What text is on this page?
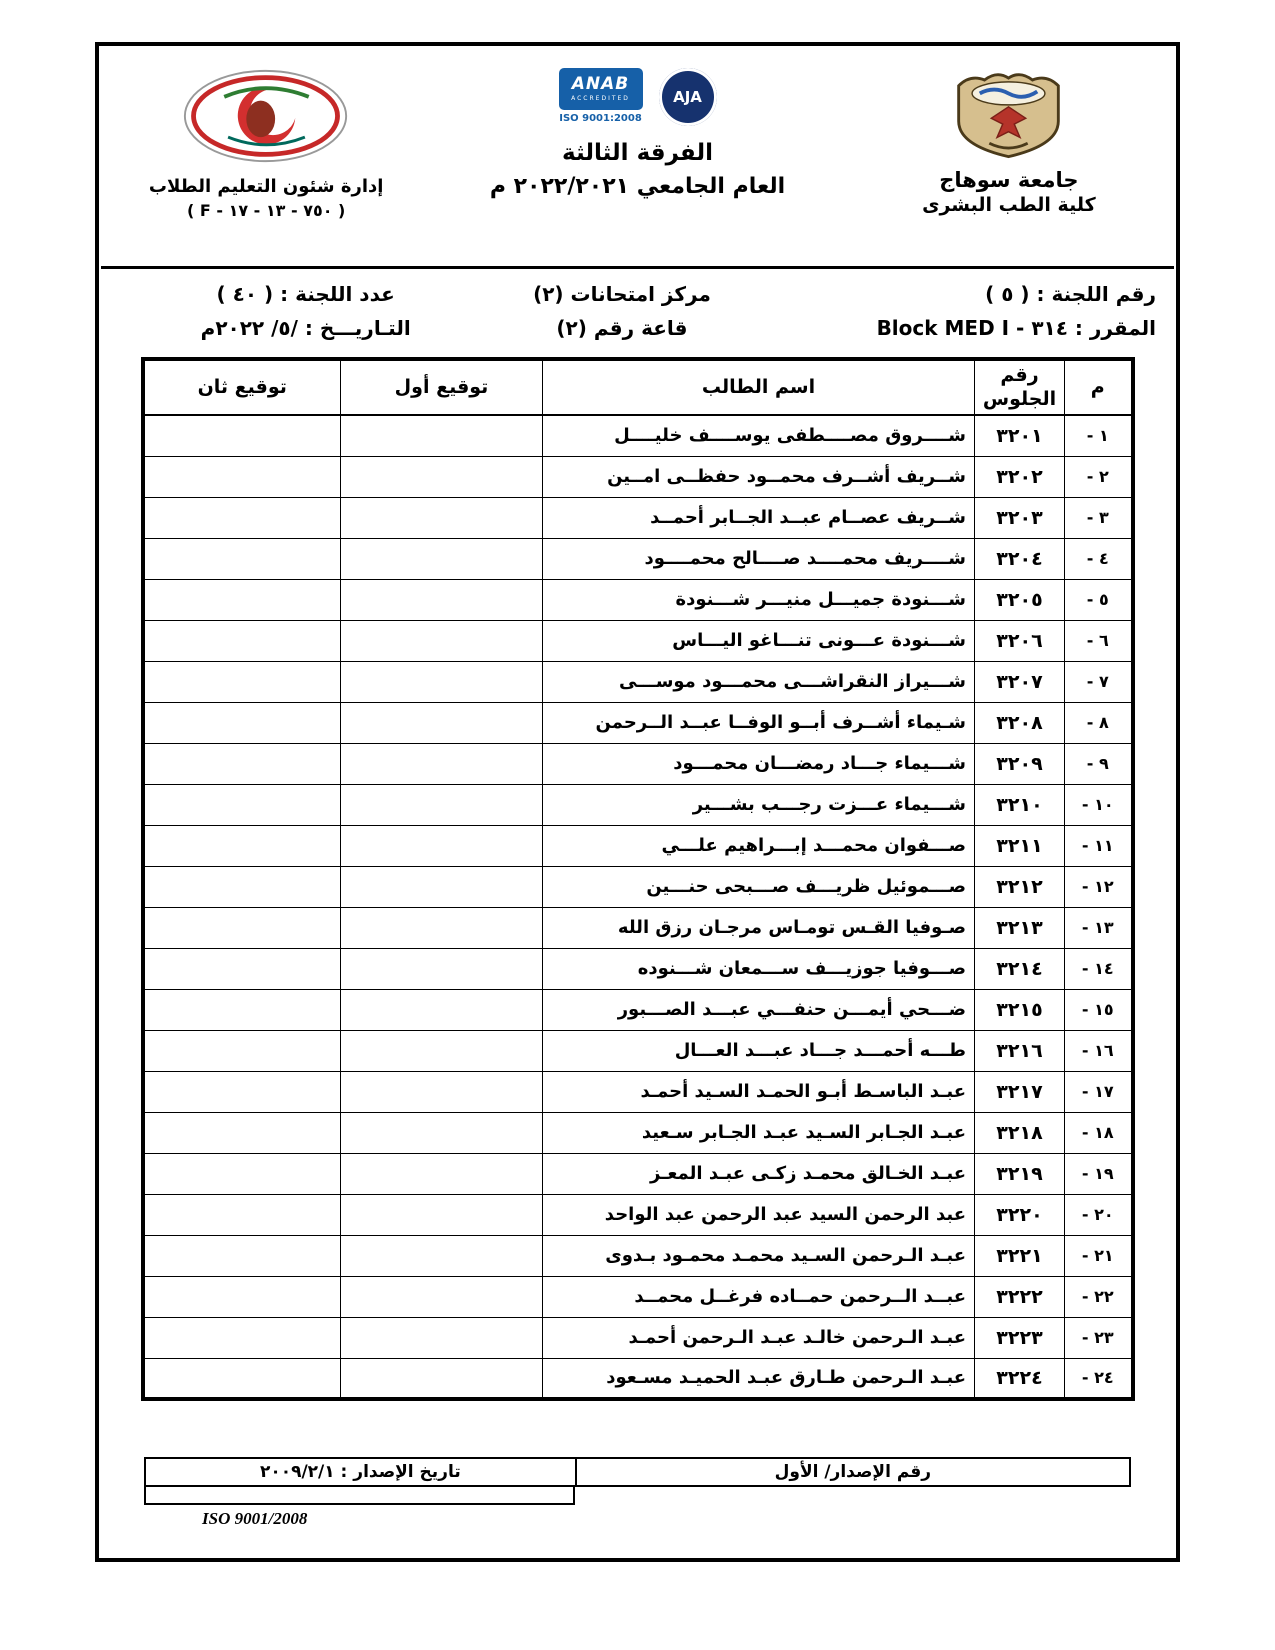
جامعة سوهاج
كلية الطب البشرى
ANAB
ACCREDITED
ISO 9001:2008
AJA
الفرقة الثالثة
العام الجامعي ٢٠٢٢/٢٠٢١ م
إدارة شئون التعليم الطلاب
( F - ٧٥٠ - ١٣ - ١٧ )
رقم اللجنة : ( ٥ )
مركز امتحانات (٢)
عدد اللجنة : ( ٤٠ )
المقرر : ٣١٤ - Block MED I
قاعة رقم (٢)
التـاريـــخ : /٥/ ٢٠٢٢م
م	رقم الجلوس	اسم الطالب	توقيع أول	توقيع ثان
١ -	٣٢٠١	شــــروق مصــــطفى يوســــف خليــــل		
٢ -	٣٢٠٢	شــريف أشــرف محمــود حفظــى امــين		
٣ -	٣٢٠٣	شــريف عصــام عبــد الجــابر أحمــد		
٤ -	٣٢٠٤	شــــريف محمــــد صــــالح محمــــود		
٥ -	٣٢٠٥	شـــنودة جميـــل منيـــر شـــنودة		
٦ -	٣٢٠٦	شـــنودة عـــونى تنـــاغو اليـــاس		
٧ -	٣٢٠٧	شـــيراز النقراشـــى محمـــود موســـى		
٨ -	٣٢٠٨	شـيماء أشــرف أبــو الوفــا عبــد الــرحمن		
٩ -	٣٢٠٩	شـــيماء جـــاد رمضـــان محمـــود		
١٠ -	٣٢١٠	شـــيماء عـــزت رجـــب بشـــير		
١١ -	٣٢١١	صـــفوان محمـــد إبـــراهيم علـــي		
١٢ -	٣٢١٢	صـــموئيل ظريـــف صـــبحى حنـــين		
١٣ -	٣٢١٣	صـوفيا القـس تومـاس مرجـان رزق الله		
١٤ -	٣٢١٤	صـــوفيا جوزيـــف ســـمعان شـــنوده		
١٥ -	٣٢١٥	ضـــحي أيمـــن حنفـــي عبـــد الصـــبور		
١٦ -	٣٢١٦	طـــه أحمـــد جـــاد عبـــد العـــال		
١٧ -	٣٢١٧	عبـد الباسـط أبـو الحمـد السـيد أحمـد		
١٨ -	٣٢١٨	عبـد الجـابر السـيد عبـد الجـابر سـعيد		
١٩ -	٣٢١٩	عبـد الخـالق محمـد زكـى عبـد المعـز		
٢٠ -	٣٢٢٠	عبد الرحمن السيد عبد الرحمن عبد الواحد		
٢١ -	٣٢٢١	عبـد الـرحمن السـيد محمـد محمـود بـدوى		
٢٢ -	٣٢٢٢	عبــد الــرحمن حمــاده فرغــل محمــد		
٢٣ -	٣٢٢٣	عبـد الـرحمن خالـد عبـد الـرحمن أحمـد		
٢٤ -	٣٢٢٤	عبـد الـرحمن طـارق عبـد الحميـد مسـعود		
رقم الإصدار/ الأول
تاريخ الإصدار : ٢٠٠٩/٢/١
ISO 9001/2008
